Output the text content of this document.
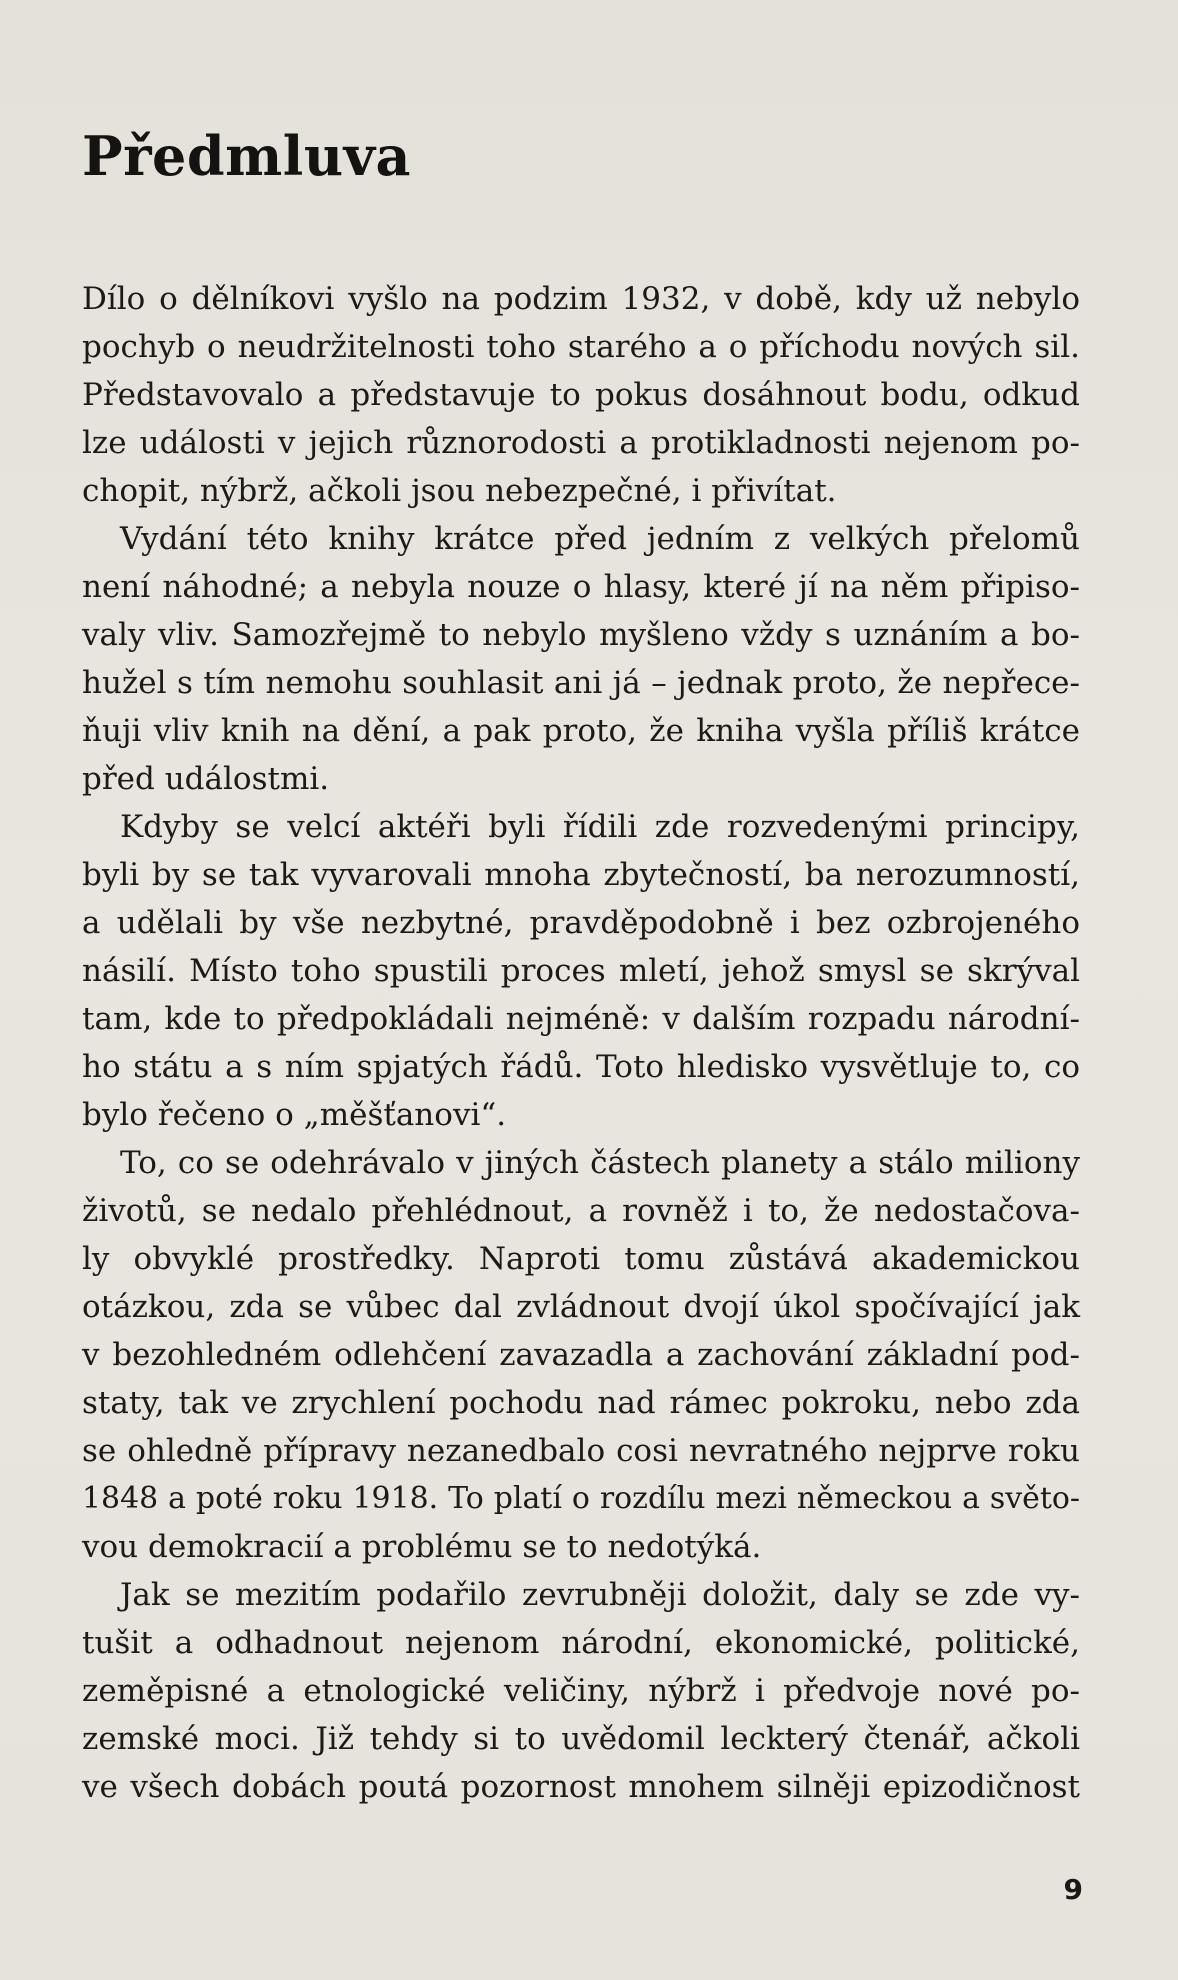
Předmluva
Dílo o dělníkovi vyšlo na podzim 1932, v době, kdy už nebylo
pochyb o neudržitelnosti toho starého a o příchodu nových sil.
Představovalo a představuje to pokus dosáhnout bodu, odkud
lze události v jejich různorodosti a protikladnosti nejenom po-
chopit, nýbrž, ačkoli jsou nebezpečné, i přivítat.
Vydání této knihy krátce před jedním z velkých přelomů
není náhodné; a nebyla nouze o hlasy, které jí na něm připiso-
valy vliv. Samozřejmě to nebylo myšleno vždy s uznáním a bo-
hužel s tím nemohu souhlasit ani já – jednak proto, že nepřece-
ňuji vliv knih na dění, a pak proto, že kniha vyšla příliš krátce
před událostmi.
Kdyby se velcí aktéři byli řídili zde rozvedenými principy,
byli by se tak vyvarovali mnoha zbytečností, ba nerozumností,
a udělali by vše nezbytné, pravděpodobně i bez ozbrojeného
násilí. Místo toho spustili proces mletí, jehož smysl se skrýval
tam, kde to předpokládali nejméně: v dalším rozpadu národní-
ho státu a s ním spjatých řádů. Toto hledisko vysvětluje to, co
bylo řečeno o „měšťanovi“.
To, co se odehrávalo v jiných částech planety a stálo miliony
životů, se nedalo přehlédnout, a rovněž i to, že nedostačova-
ly obvyklé prostředky. Naproti tomu zůstává akademickou
otázkou, zda se vůbec dal zvládnout dvojí úkol spočívající jak
v bezohledném odlehčení zavazadla a zachování základní pod-
staty, tak ve zrychlení pochodu nad rámec pokroku, nebo zda
se ohledně přípravy nezanedbalo cosi nevratného nejprve roku
1848 a poté roku 1918. To platí o rozdílu mezi německou a světo-
vou demokracií a problému se to nedotýká.
Jak se mezitím podařilo zevrubněji doložit, daly se zde vy-
tušit a odhadnout nejenom národní, ekonomické, politické,
zeměpisné a etnologické veličiny, nýbrž i předvoje nové po-
zemské moci. Již tehdy si to uvědomil leckterý čtenář, ačkoli
ve všech dobách poutá pozornost mnohem silněji epizodičnost
9
